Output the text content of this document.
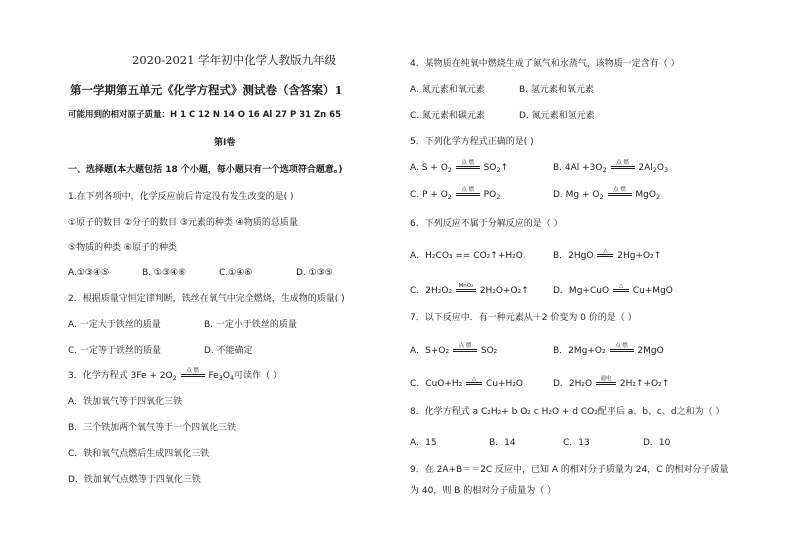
2020-2021 学年初中化学人教版九年级
第一学期第五单元《化学方程式》测试卷（含答案）1
可能用到的相对原子质量：H 1 C 12 N 14 O 16 Al 27 P 31 Zn 65
第Ⅰ卷
一、选择题(本大题包括 18 个小题，每小题只有一个选项符合题意。)
1.在下列各项中，化学反应前后肯定没有发生改变的是( )
①原子的数目 ②分子的数目 ③元素的种类 ④物质的总质量
⑤物质的种类 ⑥原子的种类
A.①③④⑤	B. ①③④⑥	C.①④⑥	D. ①③⑤
2．根据质量守恒定律判断，铁丝在氧气中完全燃烧，生成物的质量( )
A. 一定大于铁丝的质量	B. 一定小于铁丝的质量
C. 一定等于铁丝的质量	D. 不能确定
3．化学方程式 $3Fe + 2O_2$
点 燃 $Fe_3O_4$可读作（ ）
A．铁加氧气等于四氧化三铁
B．三个铁加两个氧气等于一个四氧化三铁
C．铁和氧气点燃后生成四氧化三铁
D．铁加氧气点燃等于四氧化三铁
4．某物质在纯氧中燃烧生成了氮气和水蒸气，该物质一定含有（ ）
A. 氮元素和氧元素	B. 氢元素和氧元素
C. 氮元素和碳元素	D. 氮元素和氢元素
5．下列化学方程式正确的是( )
A. $S + O_2$
点 燃 $SO_2↑$	B. $4Al +3O_2$
点 燃 $2Al_2O_3$
C. $P + O_2$
点 燃 $PO_2$	D. $Mg + O_2$
点 燃 MgO$_2$
6．下列反应不属于分解反应的是（ ）
A．H₂CO₃ == CO₂↑+H₂O	B．2HgO △ 2Hg+O₂↑
C．2H₂O₂ MnO₂ 2H₂O+O₂↑	D．Mg+CuO △ Cu+MgO
7．以下反应中．有一种元素从＋2 价变为 0 价的是（ ）
A．S+O₂ 点 燃 SO₂	B．2Mg+O₂ 点 燃 2MgO
C．CuO+H₂ △ Cu+H₂O	D．2H₂O 通电 2H₂↑+O₂↑
8．化学方程式 a C₂H₂+ b O₂ c H₂O + d CO₂配平后 a、b、c、d之和为（ ）
A．15	B．14	C．13	D．10
9．在 2A+B＝＝2C 反应中，已知 A 的相对分子质量为 24，C 的相对分子质量
为 40，则 B 的相对分子质量为（ ）
